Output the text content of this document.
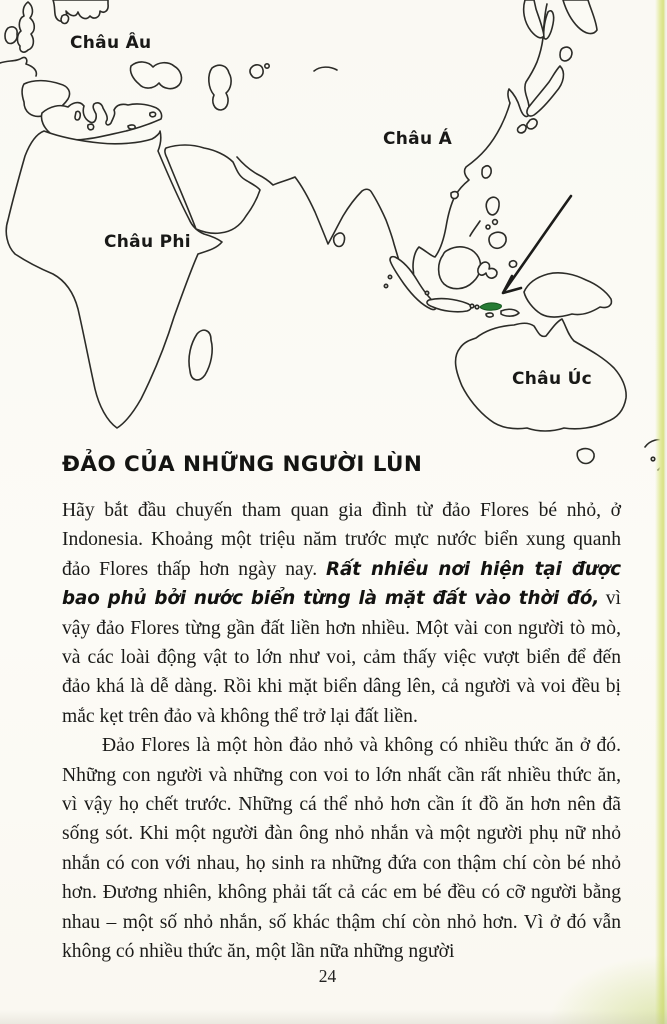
Châu Âu
Châu Phi
Châu Á
Châu Úc
ĐẢO CỦA NHỮNG NGƯỜI LÙN

Hãy bắt đầu chuyến tham quan gia đình từ đảo Flores bé nhỏ, ở Indonesia. Khoảng một triệu năm trước mực nước biển xung quanh đảo Flores thấp hơn ngày nay. Rất nhiều nơi hiện tại được bao phủ bởi nước biển từng là mặt đất vào thời đó, vì vậy đảo Flores từng gần đất liền hơn nhiều. Một vài con người tò mò, và các loài động vật to lớn như voi, cảm thấy việc vượt biển để đến đảo khá là dễ dàng. Rồi khi mặt biển dâng lên, cả người và voi đều bị mắc kẹt trên đảo và không thể trở lại đất liền.

Đảo Flores là một hòn đảo nhỏ và không có nhiều thức ăn ở đó. Những con người và những con voi to lớn nhất cần rất nhiều thức ăn, vì vậy họ chết trước. Những cá thể nhỏ hơn cần ít đồ ăn hơn nên đã sống sót. Khi một người đàn ông nhỏ nhắn và một người phụ nữ nhỏ nhắn có con với nhau, họ sinh ra những đứa con thậm chí còn bé nhỏ hơn. Đương nhiên, không phải tất cả các em bé đều có cỡ người bằng nhau – một số nhỏ nhắn, số khác thậm chí còn nhỏ hơn. Vì ở đó vẫn không có nhiều thức ăn, một lần nữa những người

24
